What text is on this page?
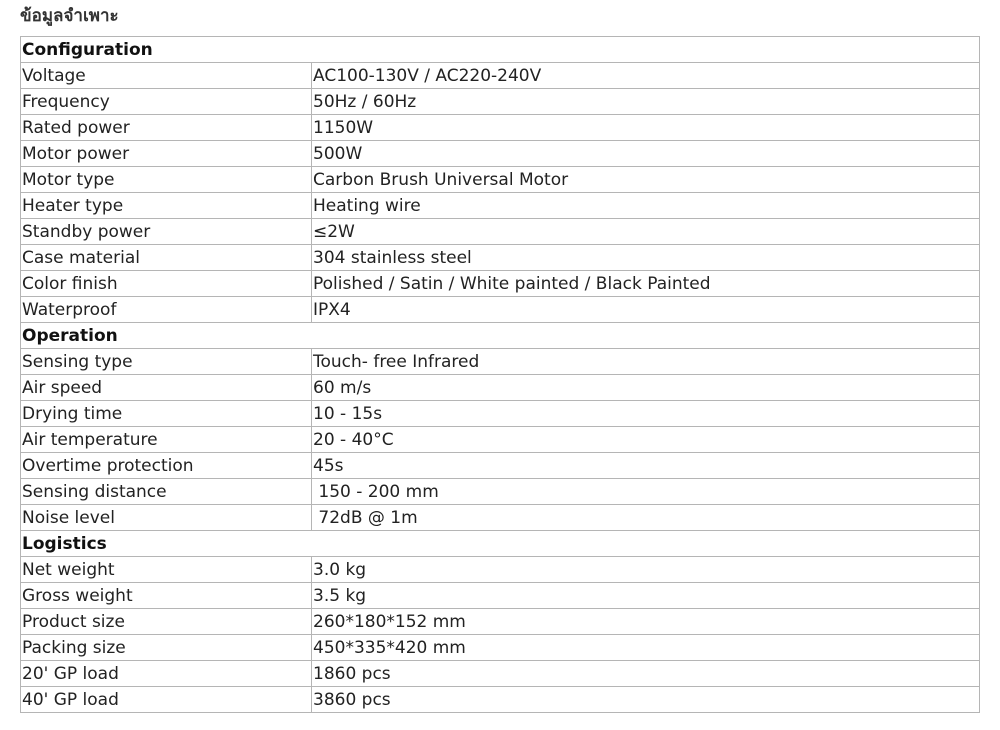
ข้อมูลจำเพาะ
Configuration	
Voltage	AC100-130V / AC220-240V
Frequency	50Hz / 60Hz
Rated power	1150W
Motor power	500W
Motor type	Carbon Brush Universal Motor
Heater type	Heating wire
Standby power	≤2W
Case material	304 stainless steel
Color finish	Polished / Satin / White painted / Black Painted
Waterproof	IPX4
Operation	
Sensing type	Touch- free Infrared
Air speed	60 m/s
Drying time	10 - 15s
Air temperature	20 - 40°C
Overtime protection	45s
Sensing distance	150 - 200 mm
Noise level	72dB @ 1m
Logistics	
Net weight	3.0 kg
Gross weight	3.5 kg
Product size	260*180*152 mm
Packing size	450*335*420 mm
20' GP load	1860 pcs
40' GP load	3860 pcs
